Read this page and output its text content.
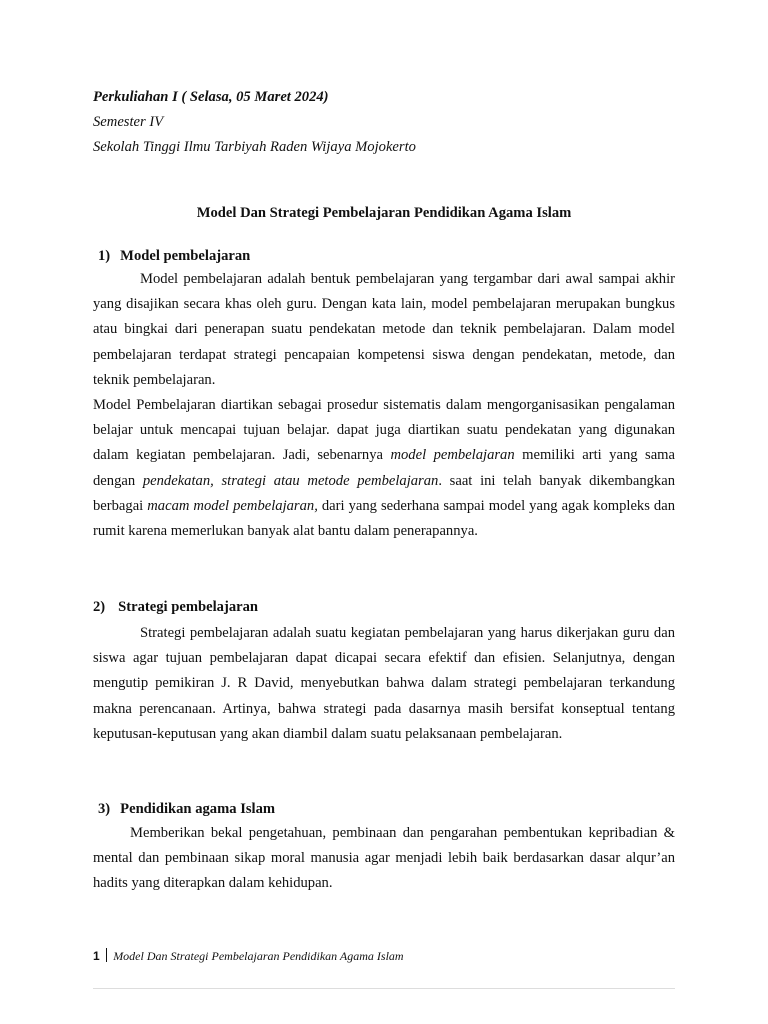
Perkuliahan I ( Selasa, 05 Maret 2024)
Semester IV
Sekolah Tinggi Ilmu Tarbiyah Raden Wijaya Mojokerto
Model Dan Strategi Pembelajaran Pendidikan Agama Islam
1) Model pembelajaran

Model pembelajaran adalah bentuk pembelajaran yang tergambar dari awal sampai akhir yang disajikan secara khas oleh guru. Dengan kata lain, model pembelajaran merupakan bungkus atau bingkai dari penerapan suatu pendekatan metode dan teknik pembelajaran. Dalam model pembelajaran terdapat strategi pencapaian kompetensi siswa dengan pendekatan, metode, dan teknik pembelajaran.

Model Pembelajaran diartikan sebagai prosedur sistematis dalam mengorganisasikan pengalaman belajar untuk mencapai tujuan belajar. dapat juga diartikan suatu pendekatan yang digunakan dalam kegiatan pembelajaran. Jadi, sebenarnya model pembelajaran memiliki arti yang sama dengan pendekatan, strategi atau metode pembelajaran. saat ini telah banyak dikembangkan berbagai macam model pembelajaran, dari yang sederhana sampai model yang agak kompleks dan rumit karena memerlukan banyak alat bantu dalam penerapannya.

2) Strategi pembelajaran

Strategi pembelajaran adalah suatu kegiatan pembelajaran yang harus dikerjakan guru dan siswa agar tujuan pembelajaran dapat dicapai secara efektif dan efisien. Selanjutnya, dengan mengutip pemikiran J. R David, menyebutkan bahwa dalam strategi pembelajaran terkandung makna perencanaan. Artinya, bahwa strategi pada dasarnya masih bersifat konseptual tentang keputusan-keputusan yang akan diambil dalam suatu pelaksanaan pembelajaran.

3) Pendidikan agama Islam

Memberikan bekal pengetahuan, pembinaan dan pengarahan pembentukan kepribadian & mental dan pembinaan sikap moral manusia agar menjadi lebih baik berdasarkan dasar alqur’an hadits yang diterapkan dalam kehidupan.

1 Model Dan Strategi Pembelajaran Pendidikan Agama Islam
